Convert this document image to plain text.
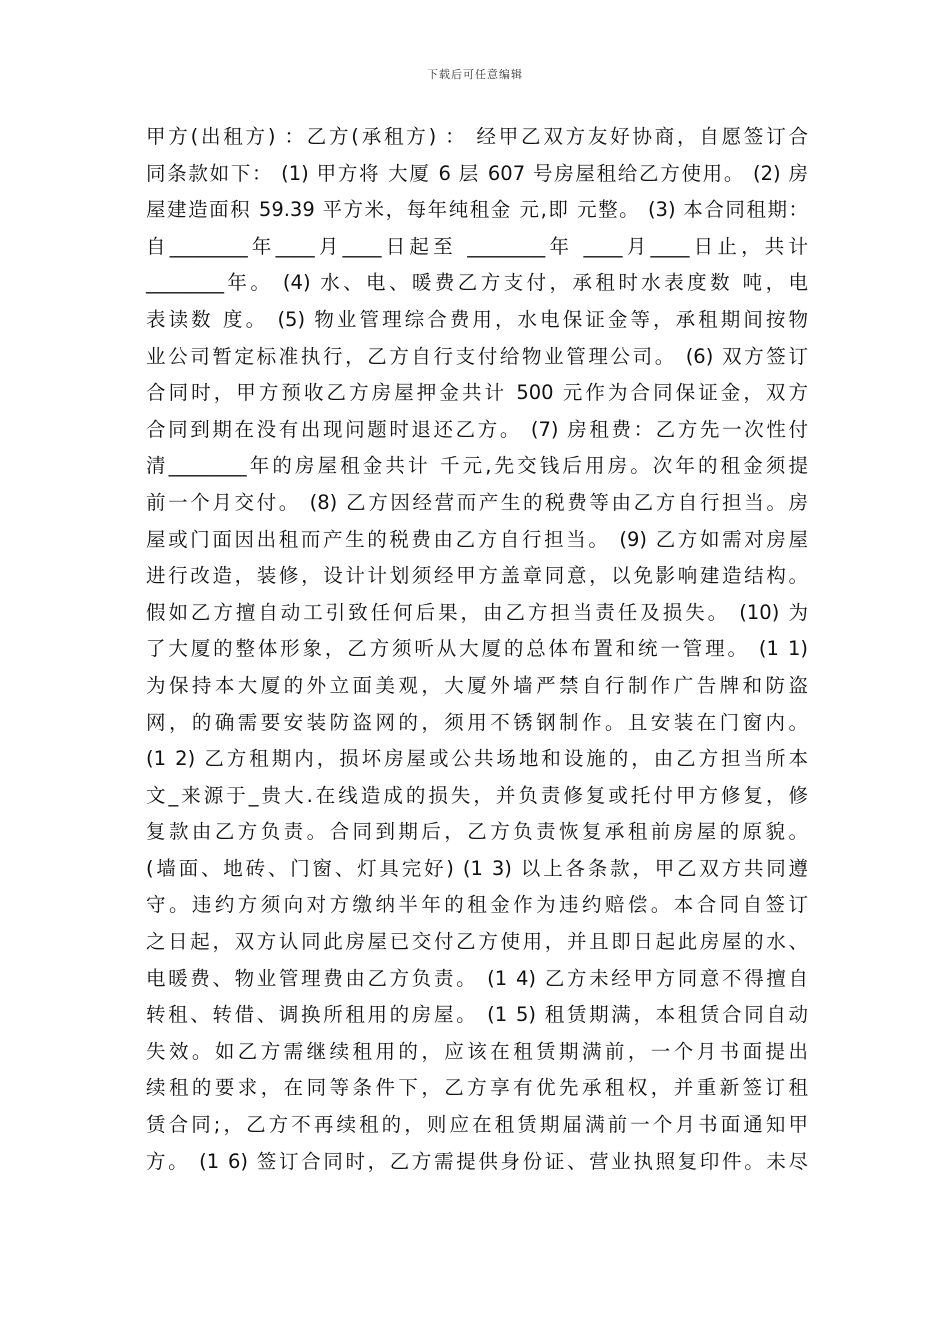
下载后可任意编辑
甲方(出租方) ：乙方(承租方) ： 经甲乙双方友好协商，自愿签订合
同条款如下： (1) 甲方将 大厦 6 层 607 号房屋租给乙方使用。 (2) 房
屋建造面积 59.39 平方米，每年纯租金 元,即 元整。 (3) 本合同租期：
自________年____月____日起至 ________年 ____月____日止，共计
________年。 (4) 水、电、暖费乙方支付，承租时水表度数 吨，电
表读数 度。 (5) 物业管理综合费用，水电保证金等，承租期间按物
业公司暂定标准执行，乙方自行支付给物业管理公司。 (6) 双方签订
合同时，甲方预收乙方房屋押金共计 500 元作为合同保证金，双方
合同到期在没有出现问题时退还乙方。 (7) 房租费：乙方先一次性付
清________年的房屋租金共计 千元,先交钱后用房。次年的租金须提
前一个月交付。 (8) 乙方因经营而产生的税费等由乙方自行担当。房
屋或门面因出租而产生的税费由乙方自行担当。 (9) 乙方如需对房屋
进行改造，装修，设计计划须经甲方盖章同意，以免影响建造结构。
假如乙方擅自动工引致任何后果，由乙方担当责任及损失。 (10) 为
了大厦的整体形象，乙方须听从大厦的总体布置和统一管理。 (1 1)
为保持本大厦的外立面美观，大厦外墙严禁自行制作广告牌和防盗
网，的确需要安装防盗网的，须用不锈钢制作。且安装在门窗内。
(1 2) 乙方租期内，损坏房屋或公共场地和设施的，由乙方担当所本
文_来源于_贵大.在线造成的损失，并负责修复或托付甲方修复，修
复款由乙方负责。合同到期后，乙方负责恢复承租前房屋的原貌。
(墙面、地砖、门窗、灯具完好) (1 3) 以上各条款，甲乙双方共同遵
守。违约方须向对方缴纳半年的租金作为违约赔偿。本合同自签订
之日起，双方认同此房屋已交付乙方使用，并且即日起此房屋的水、
电暖费、物业管理费由乙方负责。 (1 4) 乙方未经甲方同意不得擅自
转租、转借、调换所租用的房屋。 (1 5) 租赁期满，本租赁合同自动
失效。如乙方需继续租用的，应该在租赁期满前，一个月书面提出
续租的要求，在同等条件下，乙方享有优先承租权，并重新签订租
赁合同;，乙方不再续租的，则应在租赁期届满前一个月书面通知甲
方。 (1 6) 签订合同时，乙方需提供身份证、营业执照复印件。未尽
